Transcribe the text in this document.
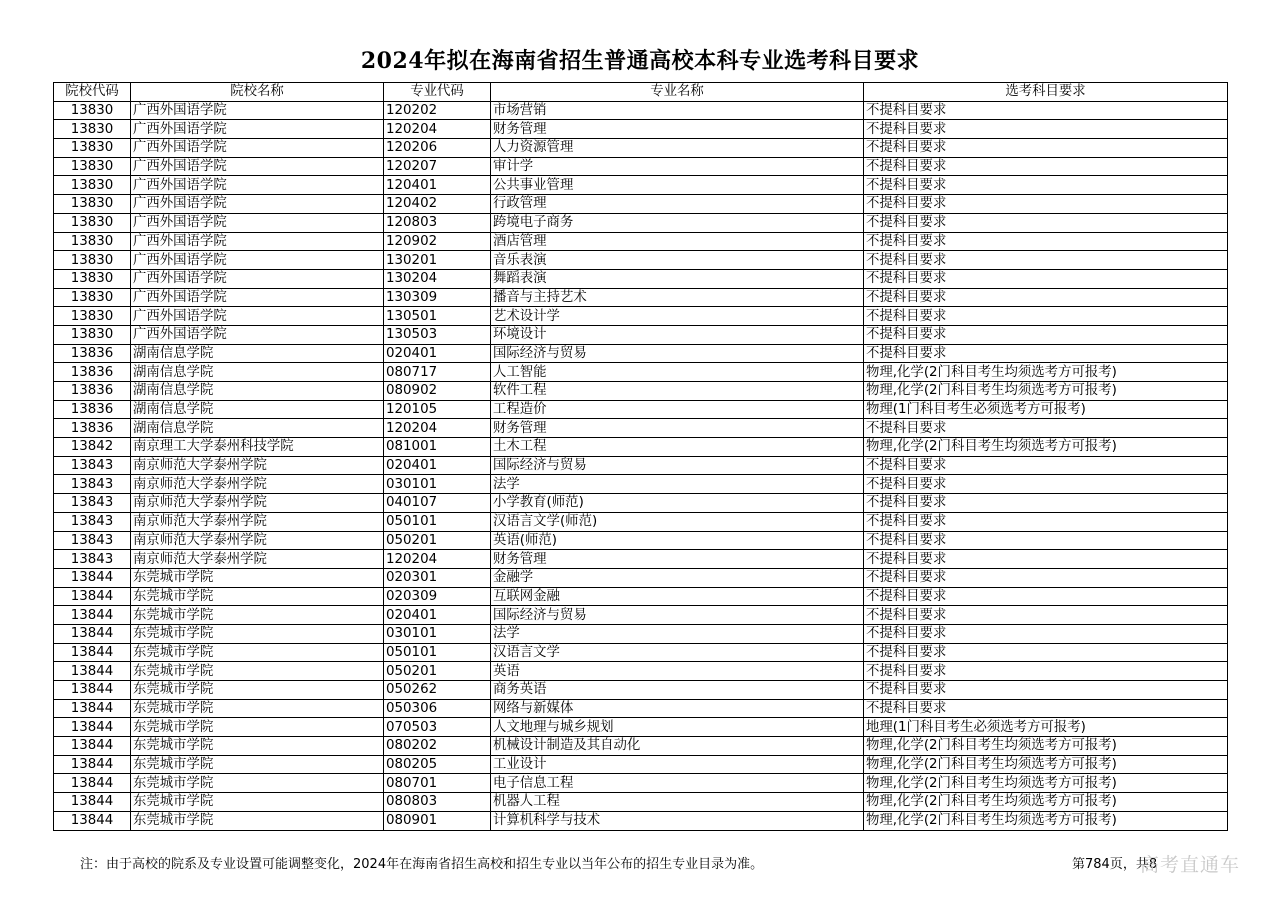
2024年拟在海南省招生普通高校本科专业选考科目要求
院校代码	院校名称	专业代码	专业名称	选考科目要求
13830	广西外国语学院	120202	市场营销	不提科目要求
13830	广西外国语学院	120204	财务管理	不提科目要求
13830	广西外国语学院	120206	人力资源管理	不提科目要求
13830	广西外国语学院	120207	审计学	不提科目要求
13830	广西外国语学院	120401	公共事业管理	不提科目要求
13830	广西外国语学院	120402	行政管理	不提科目要求
13830	广西外国语学院	120803	跨境电子商务	不提科目要求
13830	广西外国语学院	120902	酒店管理	不提科目要求
13830	广西外国语学院	130201	音乐表演	不提科目要求
13830	广西外国语学院	130204	舞蹈表演	不提科目要求
13830	广西外国语学院	130309	播音与主持艺术	不提科目要求
13830	广西外国语学院	130501	艺术设计学	不提科目要求
13830	广西外国语学院	130503	环境设计	不提科目要求
13836	湖南信息学院	020401	国际经济与贸易	不提科目要求
13836	湖南信息学院	080717	人工智能	物理,化学(2门科目考生均须选考方可报考)
13836	湖南信息学院	080902	软件工程	物理,化学(2门科目考生均须选考方可报考)
13836	湖南信息学院	120105	工程造价	物理(1门科目考生必须选考方可报考)
13836	湖南信息学院	120204	财务管理	不提科目要求
13842	南京理工大学泰州科技学院	081001	土木工程	物理,化学(2门科目考生均须选考方可报考)
13843	南京师范大学泰州学院	020401	国际经济与贸易	不提科目要求
13843	南京师范大学泰州学院	030101	法学	不提科目要求
13843	南京师范大学泰州学院	040107	小学教育(师范)	不提科目要求
13843	南京师范大学泰州学院	050101	汉语言文学(师范)	不提科目要求
13843	南京师范大学泰州学院	050201	英语(师范)	不提科目要求
13843	南京师范大学泰州学院	120204	财务管理	不提科目要求
13844	东莞城市学院	020301	金融学	不提科目要求
13844	东莞城市学院	020309	互联网金融	不提科目要求
13844	东莞城市学院	020401	国际经济与贸易	不提科目要求
13844	东莞城市学院	030101	法学	不提科目要求
13844	东莞城市学院	050101	汉语言文学	不提科目要求
13844	东莞城市学院	050201	英语	不提科目要求
13844	东莞城市学院	050262	商务英语	不提科目要求
13844	东莞城市学院	050306	网络与新媒体	不提科目要求
13844	东莞城市学院	070503	人文地理与城乡规划	地理(1门科目考生必须选考方可报考)
13844	东莞城市学院	080202	机械设计制造及其自动化	物理,化学(2门科目考生均须选考方可报考)
13844	东莞城市学院	080205	工业设计	物理,化学(2门科目考生均须选考方可报考)
13844	东莞城市学院	080701	电子信息工程	物理,化学(2门科目考生均须选考方可报考)
13844	东莞城市学院	080803	机器人工程	物理,化学(2门科目考生均须选考方可报考)
13844	东莞城市学院	080901	计算机科学与技术	物理,化学(2门科目考生均须选考方可报考)
注：由于高校的院系及专业设置可能调整变化，2024年在海南省招生高校和招生专业以当年公布的招生专业目录为准。	第784页，共8
高考直通车
